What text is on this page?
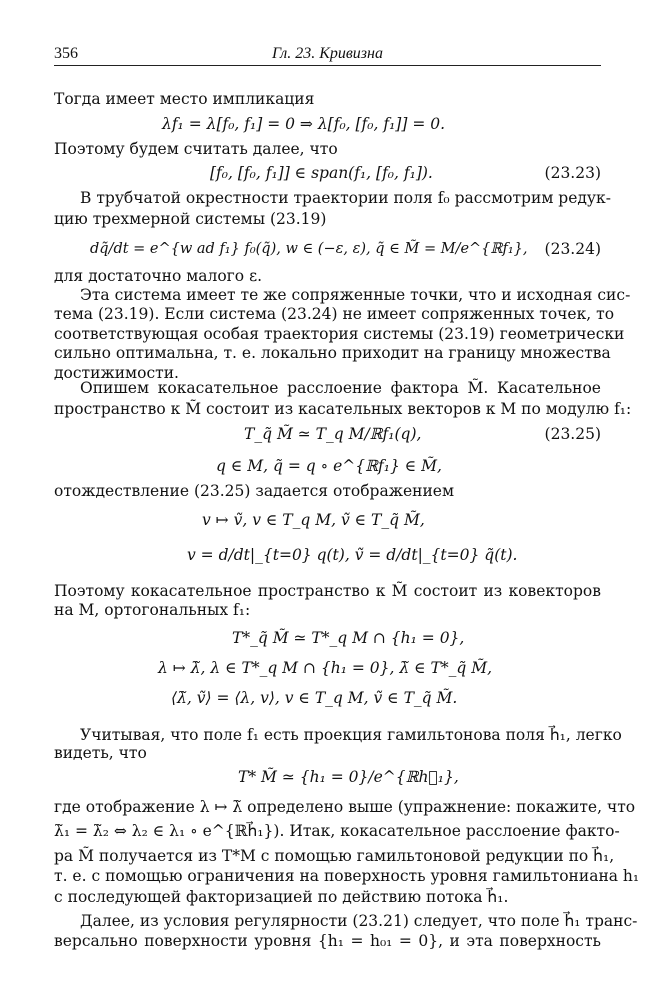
356	Гл. 23. Кривизна
Тогда имеет место импликация
λf₁ = λ[f₀, f₁] = 0 ⇒ λ[f₀, [f₀, f₁]] = 0.
Поэтому будем считать далее, что
[f₀, [f₀, f₁]] ∈ span(f₁, [f₀, f₁]).	(23.23)
В трубчатой окрестности траектории поля f₀ рассмотрим редук-
цию трехмерной системы (23.19)
dq̃/dt = e^{w ad f₁} f₀(q̃), w ∈ (−ε, ε), q̃ ∈ M̃ = M/e^{ℝf₁},	(23.24)
для достаточно малого ε.
Эта система имеет те же сопряженные точки, что и исходная сис-
тема (23.19). Если система (23.24) не имеет сопряженных точек, то
соответствующая особая траектория системы (23.19) геометрически
сильно оптимальна, т. е. локально приходит на границу множества
достижимости.
Опишем кокасательное расслоение фактора M̃. Касательное
пространство к M̃ состоит из касательных векторов к M по модулю f₁:
T_q̃ M̃ ≃ T_q M/ℝf₁(q),	(23.25)
q ∈ M, q̃ = q ∘ e^{ℝf₁} ∈ M̃,
отождествление (23.25) задается отображением
v ↦ ṽ, v ∈ T_q M, ṽ ∈ T_q̃ M̃,
v = d/dt|_{t=0} q(t), ṽ = d/dt|_{t=0} q̃(t).
Поэтому кокасательное пространство к M̃ состоит из ковекторов
на M, ортогональных f₁:
T*_q̃ M̃ ≃ T*_q M ∩ {h₁ = 0},
λ ↦ λ̃, λ ∈ T*_q M ∩ {h₁ = 0}, λ̃ ∈ T*_q̃ M̃,
⟨λ̃, ṽ⟩ = ⟨λ, v⟩, v ∈ T_q M, ṽ ∈ T_q̃ M̃.
Учитывая, что поле f₁ есть проекция гамильтонова поля h⃗₁, легко
видеть, что
T* M̃ ≃ {h₁ = 0}/e^{ℝh⃗₁},
где отображение λ ↦ λ̃ определено выше (упражнение: покажите, что
λ̃₁ = λ̃₂ ⇔ λ₂ ∈ λ₁ ∘ e^{ℝh⃗₁}). Итак, кокасательное расслоение факто-
ра M̃ получается из T*M с помощью гамильтоновой редукции по h⃗₁,
т. е. с помощью ограничения на поверхность уровня гамильтониана h₁
с последующей факторизацией по действию потока h⃗₁.
Далее, из условия регулярности (23.21) следует, что поле h⃗₁ транс-
версально поверхности уровня {h₁ = h₀₁ = 0}, и эта поверхность
